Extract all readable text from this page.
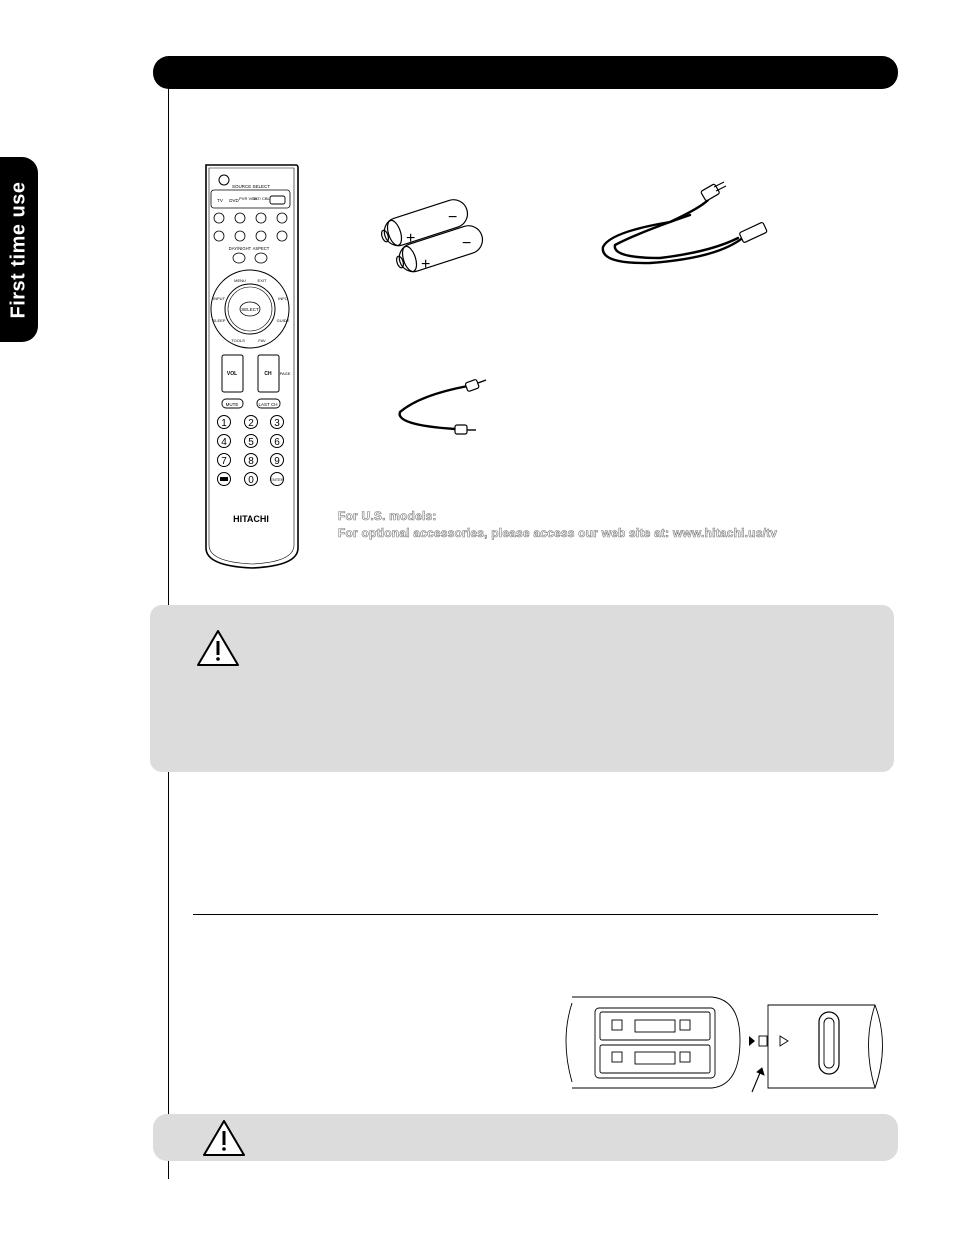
First time use	SOURCE SELECT
TV DVD PVR VCR
SAT/ CBL
DAY/NIGHT ASPECT
MENU	EXIT
INFO
GUIDE
FAV
TOOLS
SLEEP
INPUT
SELECT
VOL	CH PAGE
MUTE	LAST CH
1 2 3
4 5 6
7 8 9
0	ENTER
HITACHI
+
−
+
−
For U.S. models:
For optional accessories, please access our web site at: www.hitachi.us/tv
